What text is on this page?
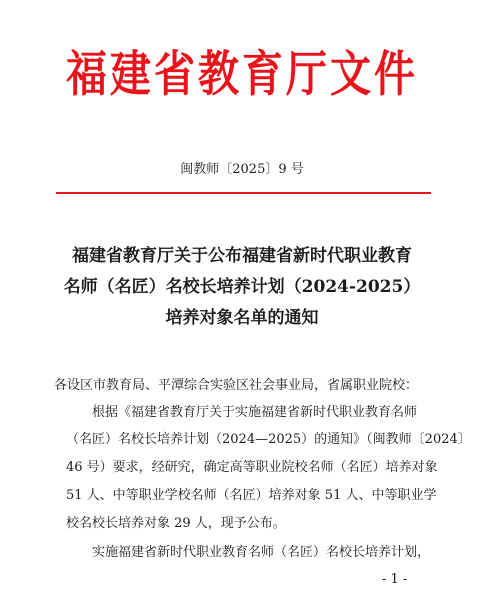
福建省教育厅文件
闽教师〔2025〕9 号
福建省教育厅关于公布福建省新时代职业教育
名师（名匠）名校长培养计划（2024-2025）
培养对象名单的通知
各设区市教育局、平潭综合实验区社会事业局，省属职业院校：
根据《福建省教育厅关于实施福建省新时代职业教育名师
（名匠）名校长培养计划（2024—2025）的通知》（闽教师〔2024〕
46 号）要求，经研究，确定高等职业院校名师（名匠）培养对象
51 人、中等职业学校名师（名匠）培养对象 51 人、中等职业学
校名校长培养对象 29 人，现予公布。
实施福建省新时代职业教育名师（名匠）名校长培养计划，
- 1 -
